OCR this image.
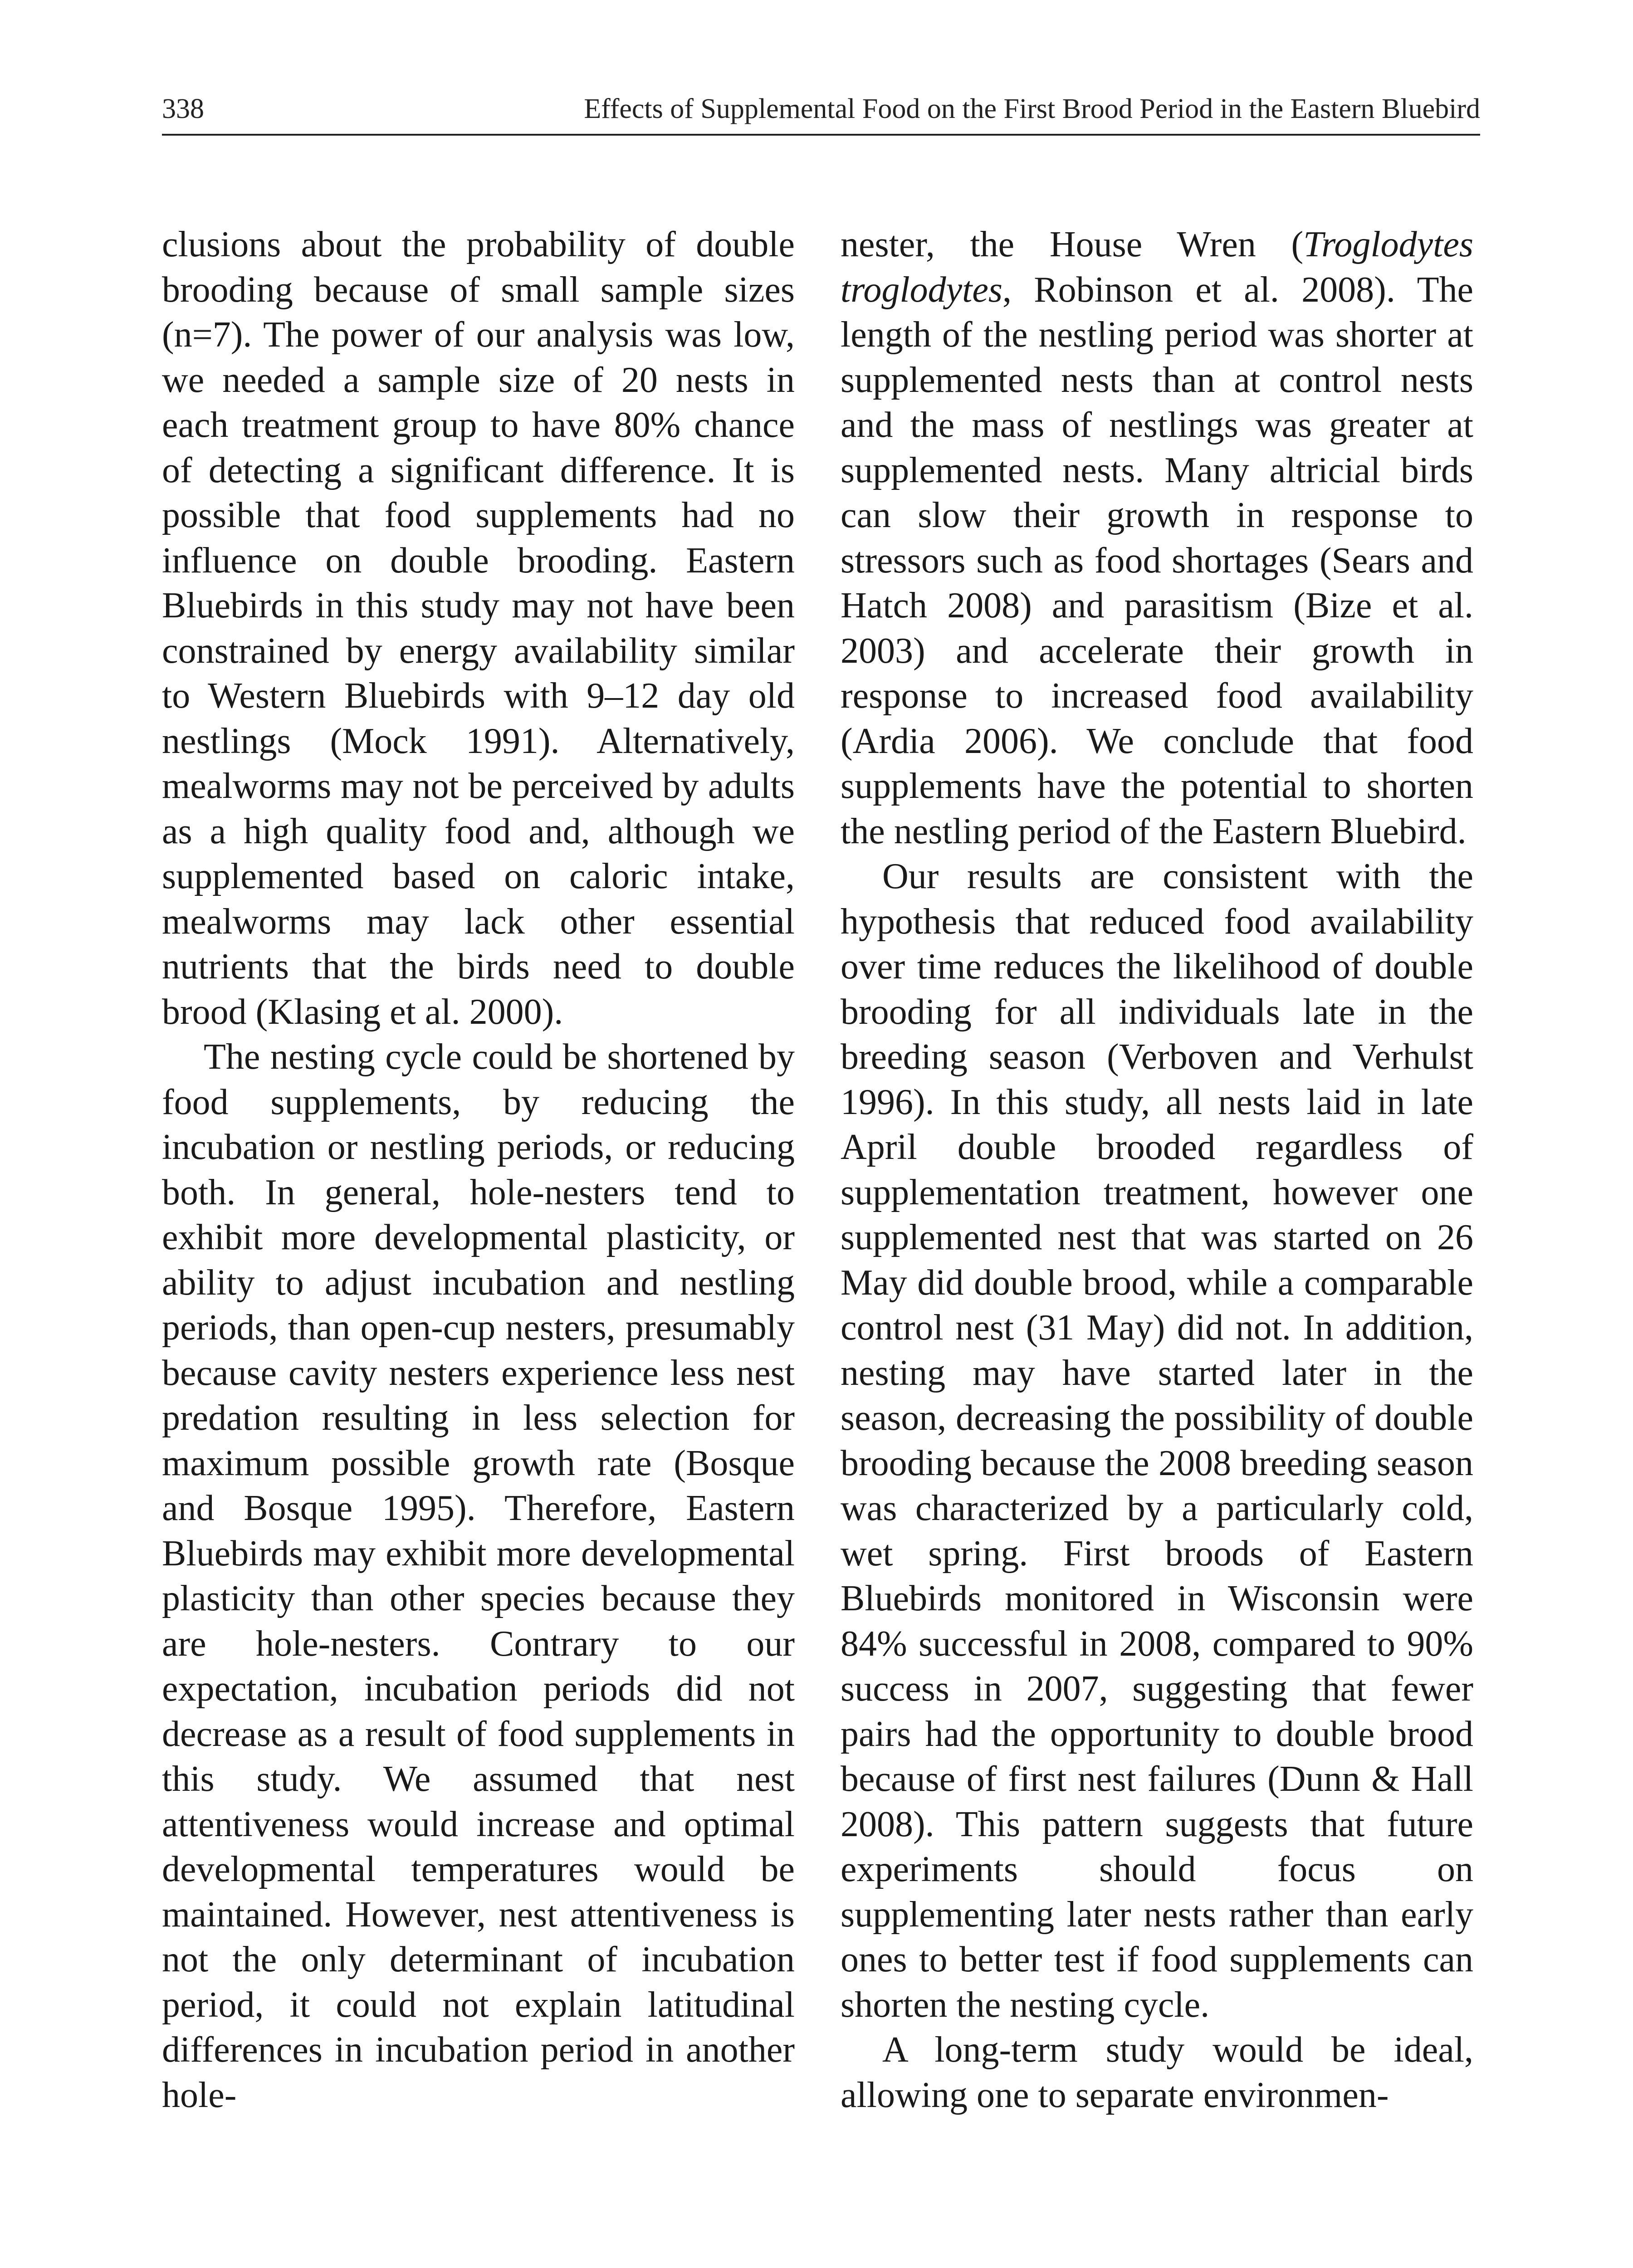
338	Effects of Supplemental Food on the First Brood Period in the Eastern Bluebird

clusions about the probability of double brooding because of small sample sizes (n=7). The power of our analysis was low, we needed a sample size of 20 nests in each treatment group to have 80% chance of detecting a significant difference. It is possible that food supplements had no influence on double brooding. Eastern Bluebirds in this study may not have been constrained by energy availability similar to Western Bluebirds with 9–12 day old nestlings (Mock 1991). Alternatively, mealworms may not be perceived by adults as a high quality food and, although we supplemented based on caloric intake, mealworms may lack other essential nutrients that the birds need to double brood (Klasing et al. 2000).

The nesting cycle could be shortened by food supplements, by reducing the incubation or nestling periods, or reducing both. In general, hole-nesters tend to exhibit more developmental plasticity, or ability to adjust incubation and nestling periods, than open-cup nesters, presumably because cavity nesters experience less nest predation resulting in less selection for maximum possible growth rate (Bosque and Bosque 1995). Therefore, Eastern Bluebirds may exhibit more developmental plasticity than other species because they are hole-nesters. Contrary to our expectation, incubation periods did not decrease as a result of food supplements in this study. We assumed that nest attentiveness would increase and optimal developmental temperatures would be maintained. However, nest attentiveness is not the only determinant of incubation period, it could not explain latitudinal differences in incubation period in another hole-

nester, the House Wren (Troglodytes troglodytes, Robinson et al. 2008). The length of the nestling period was shorter at supplemented nests than at control nests and the mass of nestlings was greater at supplemented nests. Many altricial birds can slow their growth in response to stressors such as food shortages (Sears and Hatch 2008) and parasitism (Bize et al. 2003) and accelerate their growth in response to increased food availability (Ardia 2006). We conclude that food supplements have the potential to shorten the nestling period of the Eastern Bluebird.

Our results are consistent with the hypothesis that reduced food availability over time reduces the likelihood of double brooding for all individuals late in the breeding season (Verboven and Verhulst 1996). In this study, all nests laid in late April double brooded regardless of supplementation treatment, however one supplemented nest that was started on 26 May did double brood, while a comparable control nest (31 May) did not. In addition, nesting may have started later in the season, decreasing the possibility of double brooding because the 2008 breeding season was characterized by a particularly cold, wet spring. First broods of Eastern Bluebirds monitored in Wisconsin were 84% successful in 2008, compared to 90% success in 2007, suggesting that fewer pairs had the opportunity to double brood because of first nest failures (Dunn & Hall 2008). This pattern suggests that future experiments should focus on supplementing later nests rather than early ones to better test if food supplements can shorten the nesting cycle.

A long-term study would be ideal, allowing one to separate environmen-
